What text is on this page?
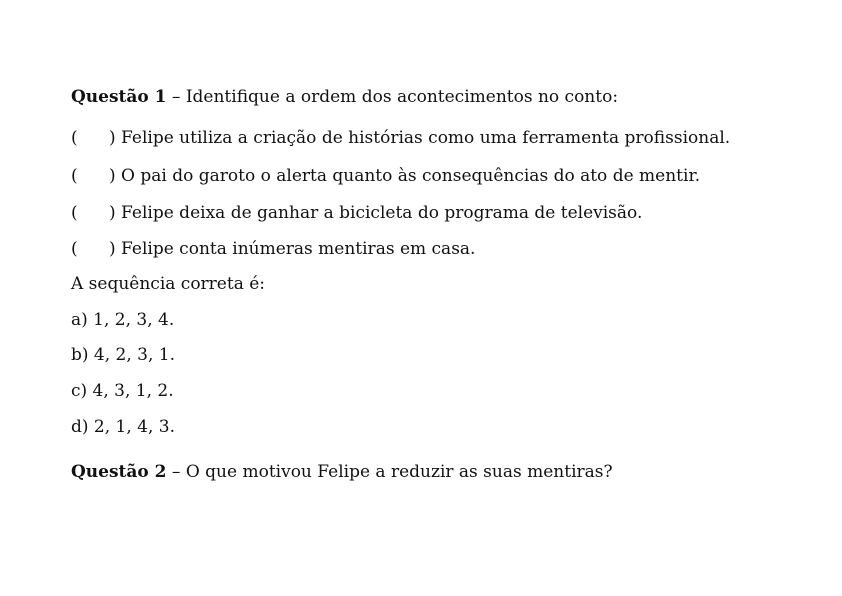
Questão 1 – Identifique a ordem dos acontecimentos no conto:
( ) Felipe utiliza a criação de histórias como uma ferramenta profissional.
( ) O pai do garoto o alerta quanto às consequências do ato de mentir.
( ) Felipe deixa de ganhar a bicicleta do programa de televisão.
( ) Felipe conta inúmeras mentiras em casa.
A sequência correta é:
a) 1, 2, 3, 4.
b) 4, 2, 3, 1.
c) 4, 3, 1, 2.
d) 2, 1, 4, 3.
Questão 2 – O que motivou Felipe a reduzir as suas mentiras?
